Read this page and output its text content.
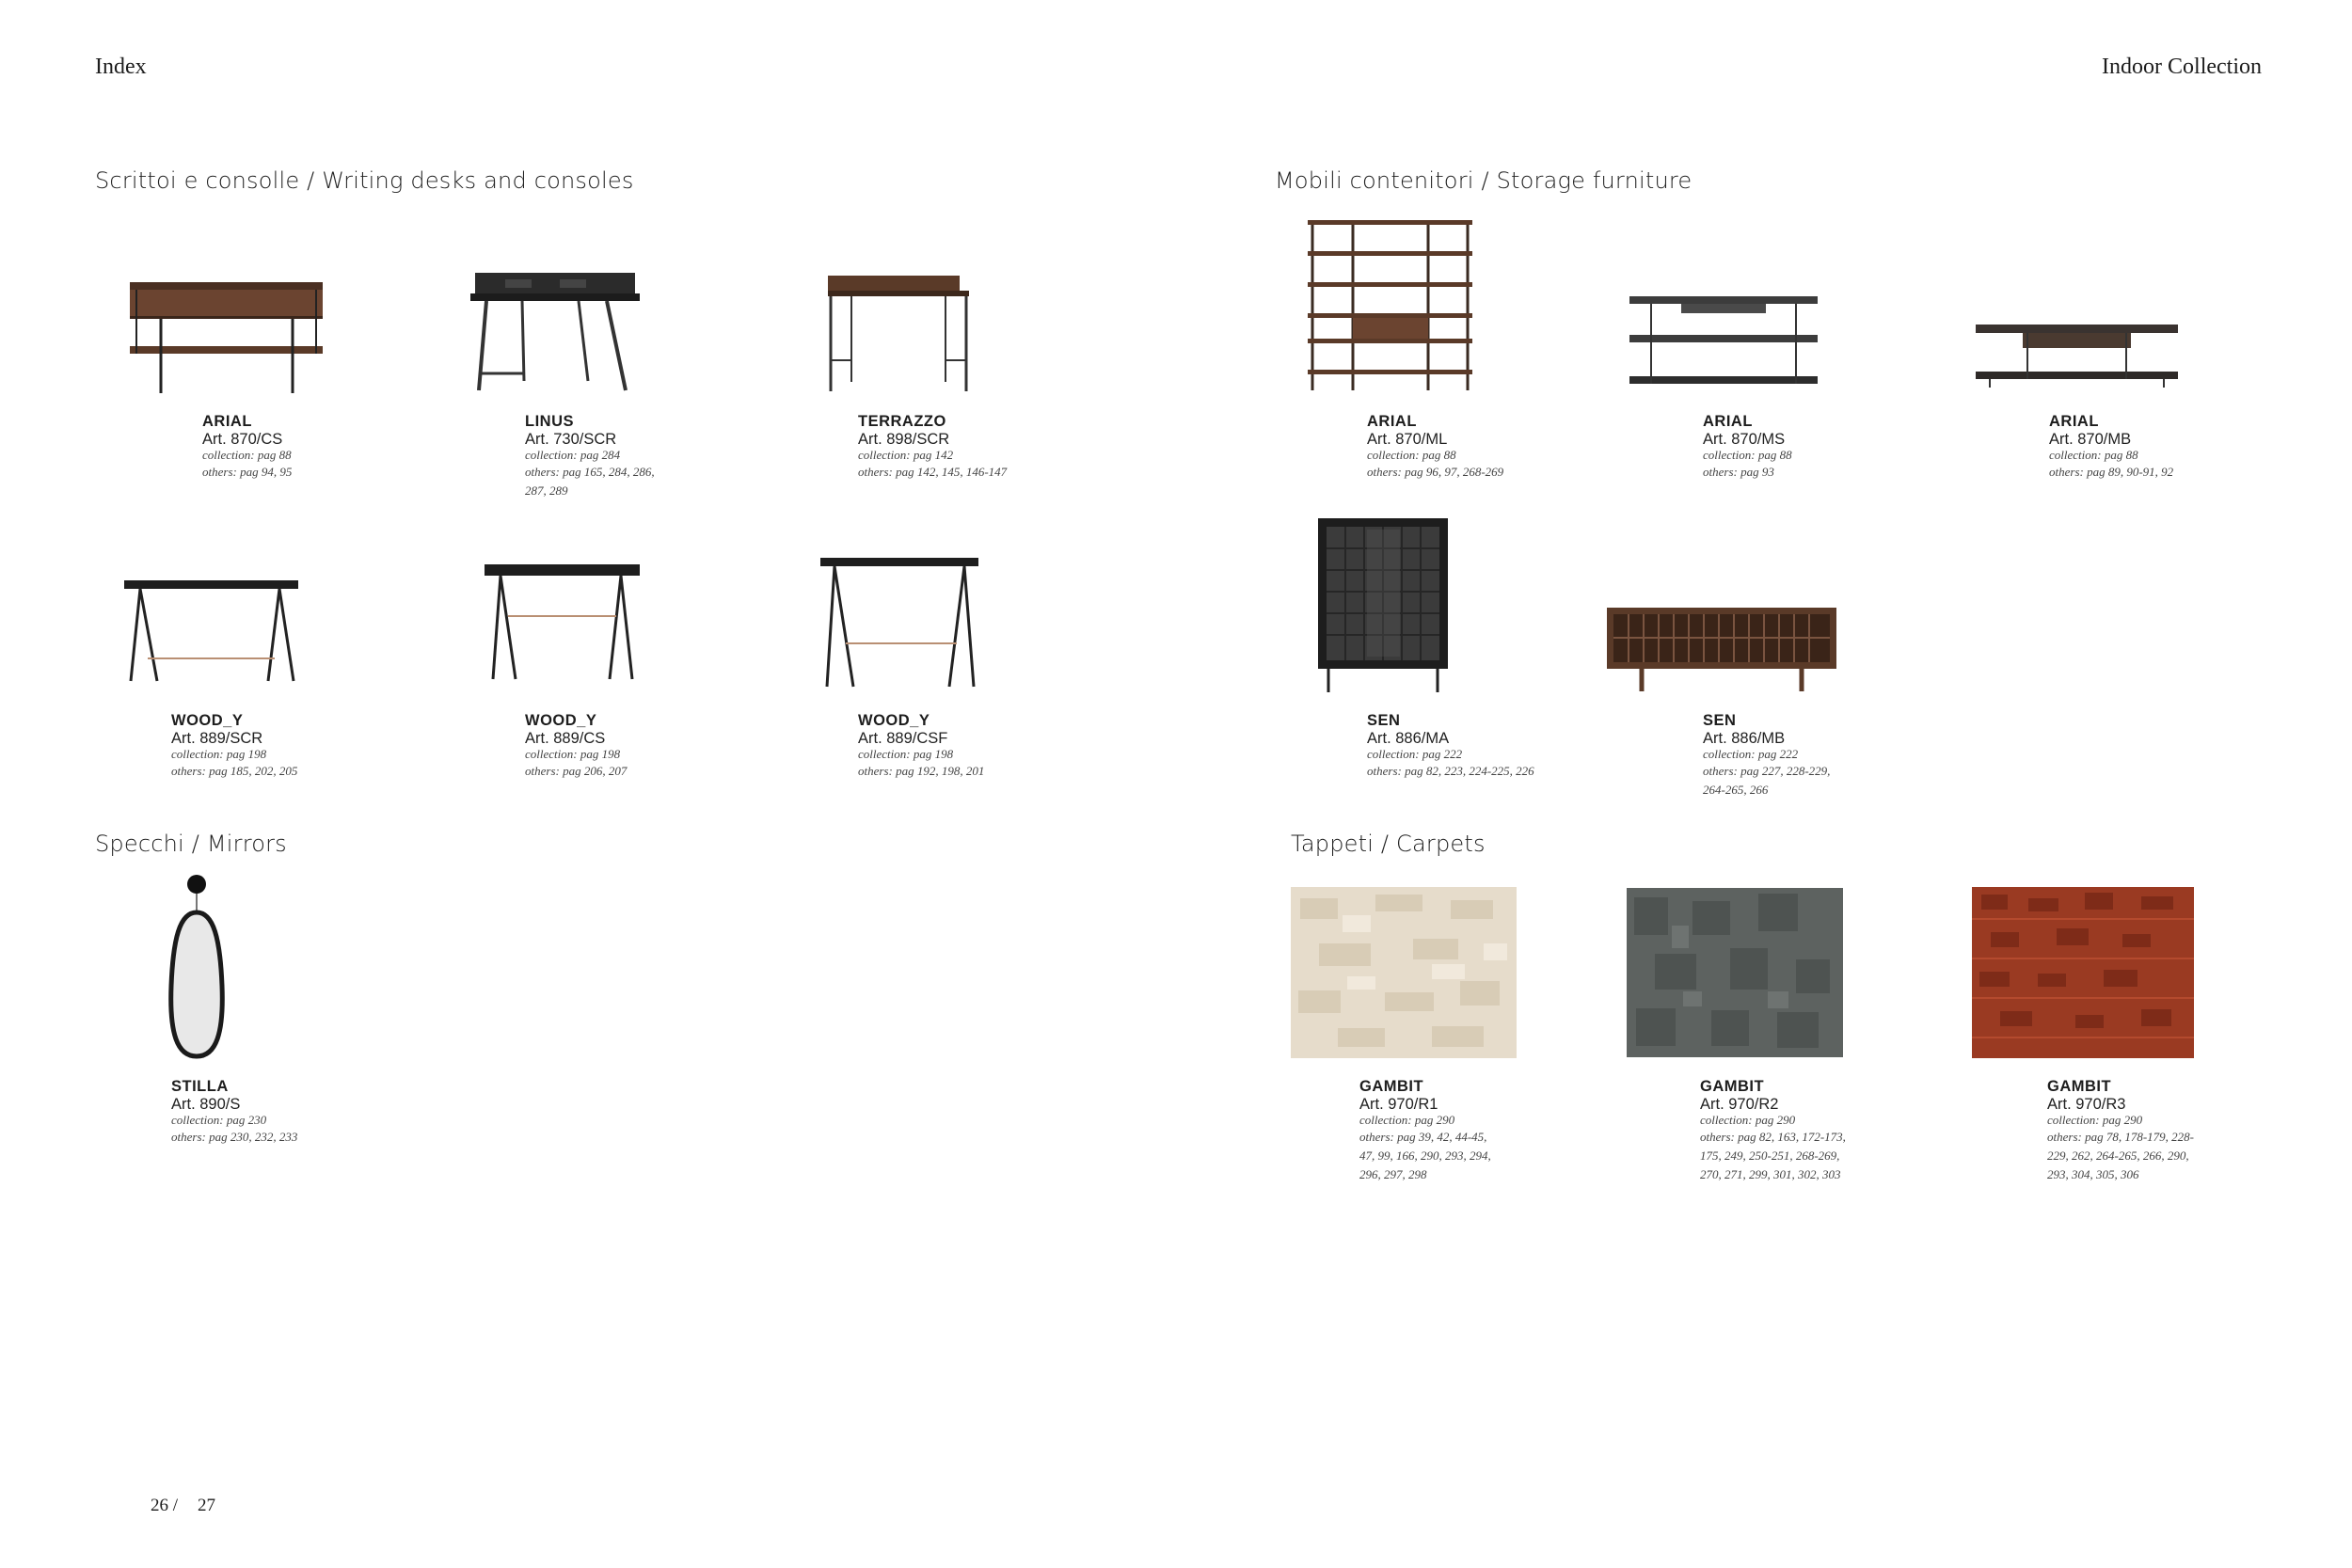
Index	Indoor Collection
Scrittoi e consolle / Writing desks and consoles	Mobili contenitori / Storage furniture
Specchi / Mirrors	Tappeti / Carpets
ARIAL
Art. 870/CS
collection: pag 88
others: pag 94, 95
LINUS
Art. 730/SCR
collection: pag 284
others: pag 165, 284, 286, 287, 289
TERRAZZO
Art. 898/SCR
collection: pag 142
others: pag 142, 145, 146-147
WOOD_Y
Art. 889/SCR
collection: pag 198
others: pag 185, 202, 205
WOOD_Y
Art. 889/CS
collection: pag 198
others: pag 206, 207
WOOD_Y
Art. 889/CSF
collection: pag 198
others: pag 192, 198, 201
ARIAL
Art. 870/ML
collection: pag 88
others: pag 96, 97, 268-269
ARIAL
Art. 870/MS
collection: pag 88
others: pag 93
ARIAL
Art. 870/MB
collection: pag 88
others: pag 89, 90-91, 92
SEN
Art. 886/MA
collection: pag 222
others: pag 82, 223, 224-225, 226
SEN
Art. 886/MB
collection: pag 222
others: pag 227, 228-229, 264-265, 266
STILLA
Art. 890/S
collection: pag 230
others: pag 230, 232, 233
GAMBIT
Art. 970/R1
collection: pag 290
others: pag 39, 42, 44-45, 47, 99, 166, 290, 293, 294, 296, 297, 298
GAMBIT
Art. 970/R2
collection: pag 290
others: pag 82, 163, 172-173, 175, 249, 250-251, 268-269, 270, 271, 299, 301, 302, 303
GAMBIT
Art. 970/R3
collection: pag 290
others: pag 78, 178-179, 228-229, 262, 264-265, 266, 290, 293, 304, 305, 306
26 / 27
